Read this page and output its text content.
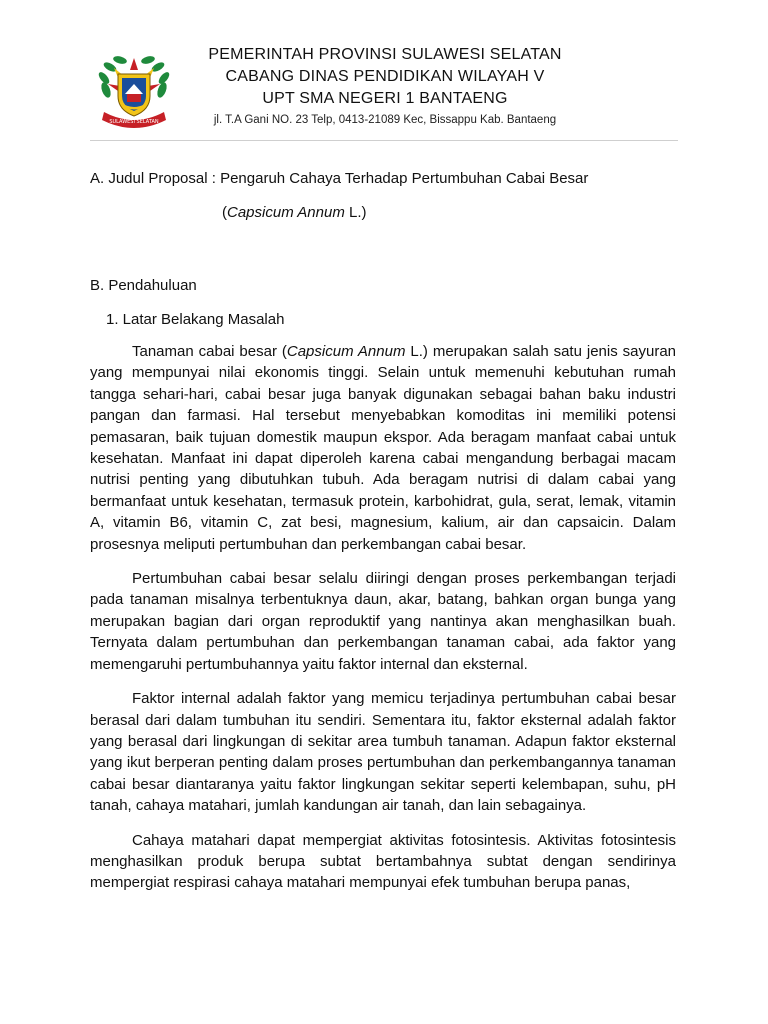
SULAWESI SELATAN
PEMERINTAH PROVINSI SULAWESI SELATAN
CABANG DINAS PENDIDIKAN WILAYAH V
UPT SMA NEGERI 1 BANTAENG
jl. T.A Gani NO. 23 Telp, 0413-21089 Kec, Bissappu Kab. Bantaeng
A. Judul Proposal : Pengaruh Cahaya Terhadap Pertumbuhan Cabai Besar
(Capsicum Annum L.)
B. Pendahuluan
1. Latar Belakang Masalah

Tanaman cabai besar (Capsicum Annum L.) merupakan salah satu jenis sayuran yang mempunyai nilai ekonomis tinggi. Selain untuk memenuhi kebutuhan rumah tangga sehari-hari, cabai besar juga banyak digunakan sebagai bahan baku industri pangan dan farmasi. Hal tersebut menyebabkan komoditas ini memiliki potensi pemasaran, baik tujuan domestik maupun ekspor. Ada beragam manfaat cabai untuk kesehatan. Manfaat ini dapat diperoleh karena cabai mengandung berbagai macam nutrisi penting yang dibutuhkan tubuh. Ada beragam nutrisi di dalam cabai yang bermanfaat untuk kesehatan, termasuk protein, karbohidrat, gula, serat, lemak, vitamin A, vitamin B6, vitamin C, zat besi, magnesium, kalium, air dan capsaicin. Dalam prosesnya meliputi pertumbuhan dan perkembangan cabai besar.

Pertumbuhan cabai besar selalu diiringi dengan proses perkembangan terjadi pada tanaman misalnya terbentuknya daun, akar, batang, bahkan organ bunga yang merupakan bagian dari organ reproduktif yang nantinya akan menghasilkan buah. Ternyata dalam pertumbuhan dan perkembangan tanaman cabai, ada faktor yang memengaruhi pertumbuhannya yaitu faktor internal dan eksternal.

Faktor internal adalah faktor yang memicu terjadinya pertumbuhan cabai besar berasal dari dalam tumbuhan itu sendiri. Sementara itu, faktor eksternal adalah faktor yang berasal dari lingkungan di sekitar area tumbuh tanaman. Adapun faktor eksternal yang ikut berperan penting dalam proses pertumbuhan dan perkembangannya tanaman cabai besar diantaranya yaitu faktor lingkungan sekitar seperti kelembapan, suhu, pH tanah, cahaya matahari, jumlah kandungan air tanah, dan lain sebagainya.

Cahaya matahari dapat mempergiat aktivitas fotosintesis. Aktivitas fotosintesis menghasilkan produk berupa subtat bertambahnya subtat dengan sendirinya mempergiat respirasi cahaya matahari mempunyai efek tumbuhan berupa panas,
